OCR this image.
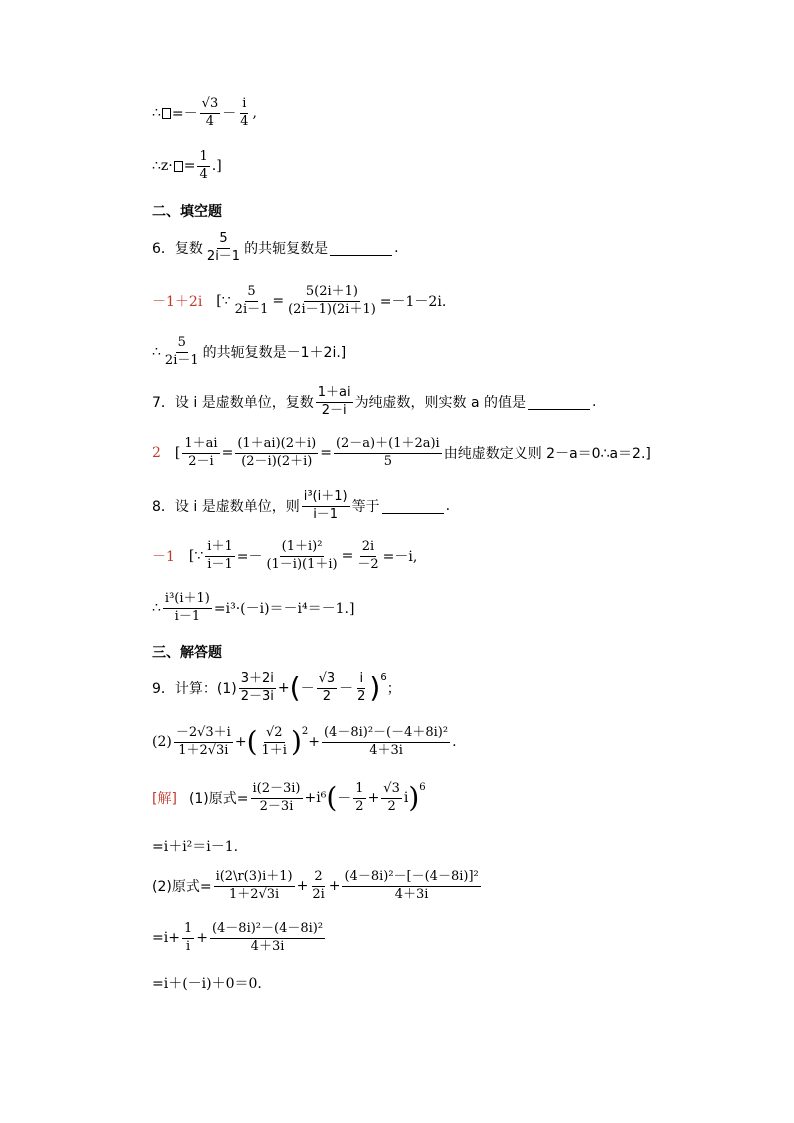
∴ =－ $\frac{√3}{4} - \frac{i}{4}$ ,
∴z· = $\frac{1}{4}$ .]
二、填空题
6．复数 $\frac{5}{2i-1}$ 的共轭复数是	.
－1＋2i [∵ $\frac{5}{2i-1} = \frac{5(2i+1)}{(2i-1)(2i+1)} =-1-2i$.
∴ $\frac{5}{2i-1}$ 的共轭复数是－1＋2i.]
7．设 i 是虚数单位，复数 $\frac{1+ai}{2-i}$ 为纯虚数，则实数 a 的值是	.
2 [ $\frac{1+ai}{2-i} = \frac{(1+ai)(2+i)}{(2-i)(2+i)} = \frac{(2-a)+(1+2a)i}{5}$ 由纯虚数定义则 2－a＝0∴a＝2.]
8．设 i 是虚数单位，则 $\frac{\text{i³(i＋1)}}{i-1}$ 等于	.
－1 [∵ $\frac{i+1}{i-1} =- \frac{\text{(1＋i)²}}{(1-i)(1+i)} = \frac{2i}{-2} =-i$,
∴ $\frac{\text{i³(i＋1)}}{i-1} =i^3\cdot(-i)=-i^4=-1$.]
三、解答题
9．计算：$(1) \frac{3+2i}{2-3i}$ + ( － $\frac{√3}{2} - \frac{i}{2} )^6$
；
$(2) \frac{-2√3+i}{1+2√3i}$ + ( $\frac{√2}{1+i} )^2$
+ $\frac{\text{(4－8i)²－(－4＋8i)²}}{4+3i}$ .
[解] (1)原式= $\frac{i(2-3i)}{2-3i} +i^6$ ( － $\frac{1}{2} + \frac{√3}{2}$ i )$^6$
=i＋i²＝i－1.
(2)原式= $\frac{i(2\backslash r(3)i+1)}{1+2√3i} + \frac{2}{2i} + \frac{\text{(4－8i)²－[－(4－8i)]²}}{4+3i}$
$=i+ \frac{1}{i} + \frac{\text{(4－8i)²－(4－8i)²}}{4+3i}$
=i＋(－i)＋0＝0.
